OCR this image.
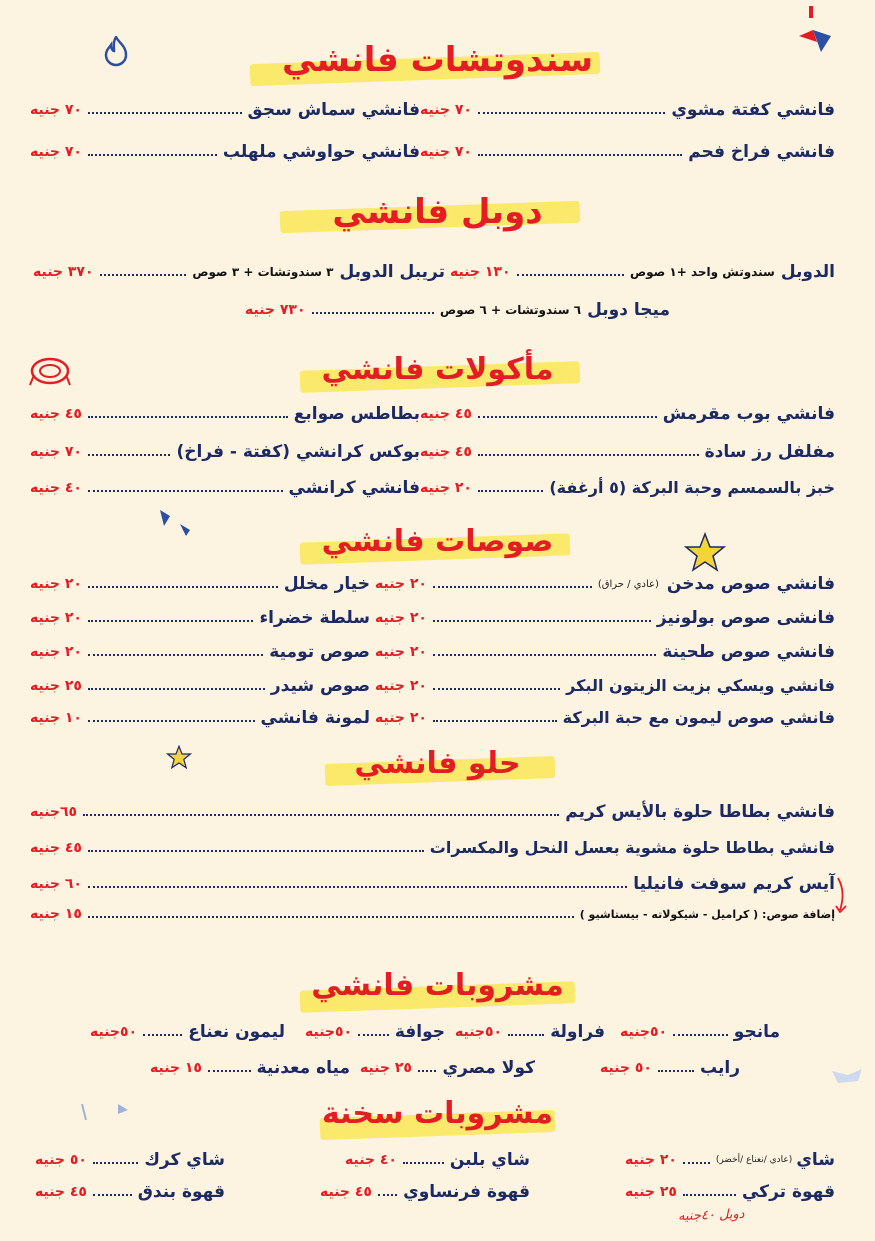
دوبل ٤٠جنيه
سندوتشات فانشي
فانشي كفتة مشوي
٧٠ جنيه
فانشي سماش سجق
٧٠ جنيه
فانشي فراخ فحم
٧٠ جنيه
فانشي حواوشي ملهلب
٧٠ جنيه
دوبل فانشي
الدوبل
سندوتش واحد +١ صوص
١٣٠ جنيه
تريبل الدوبل
٣ سندوتشات + ٣ صوص
٣٧٠ جنيه
ميجا دوبل
٦ سندوتشات + ٦ صوص
٧٣٠ جنيه
مأكولات فانشي
فانشي بوب مقرمش
٤٥ جنيه
بطاطس صوابع
٤٥ جنيه
مفلفل رز سادة
٤٥ جنيه
بوكس كرانشي (كفتة - فراخ)
٧٠ جنيه
خبز بالسمسم وحبة البركة (٥ أرغفة)
٢٠ جنيه
فانشي كرانشي
٤٠ جنيه
صوصات فانشي
فانشي صوص مدخن
(عادي / حراق)
٢٠ جنيه
خيار مخلل
٢٠ جنيه
فانشى صوص بولونيز
٢٠ جنيه
سلطة خضراء
٢٠ جنيه
فانشي صوص طحينة
٢٠ جنيه
صوص تومية
٢٠ جنيه
فانشي ويسكي بزيت الزيتون البكر
٢٠ جنيه
صوص شيدر
٢٥ جنيه
فانشي صوص ليمون مع حبة البركة
٢٠ جنيه
لمونة فانشي
١٠ جنيه
حلو فانشي
فانشي بطاطا حلوة بالأيس كريم
٦٥جنيه
فانشي بطاطا حلوة مشوية بعسل النحل والمكسرات
٤٥ جنيه
آيس كريم سوفت فانيليا
٦٠ جنيه
إضافة صوص: ( كراميل - شيكولاته - بيستاشيو )
١٥ جنيه
مشروبات فانشي
مانجو
٥٠جنيه
فراولة
٥٠جنيه
جوافة
٥٠جنيه
ليمون نعناع
٥٠جنيه
رايب
٥٠ جنيه
كولا مصري
٢٥ جنيه
مياه معدنية
١٥ جنيه
مشروبات سخنة
شاي
(عادي /نعناع /أخضر)
٢٠ جنيه
شاي بلبن
٤٠ جنيه
شاي كرك
٥٠ جنيه
قهوة تركي
٢٥ جنيه
قهوة فرنساوي
٤٥ جنيه
قهوة بندق
٤٥ جنيه
